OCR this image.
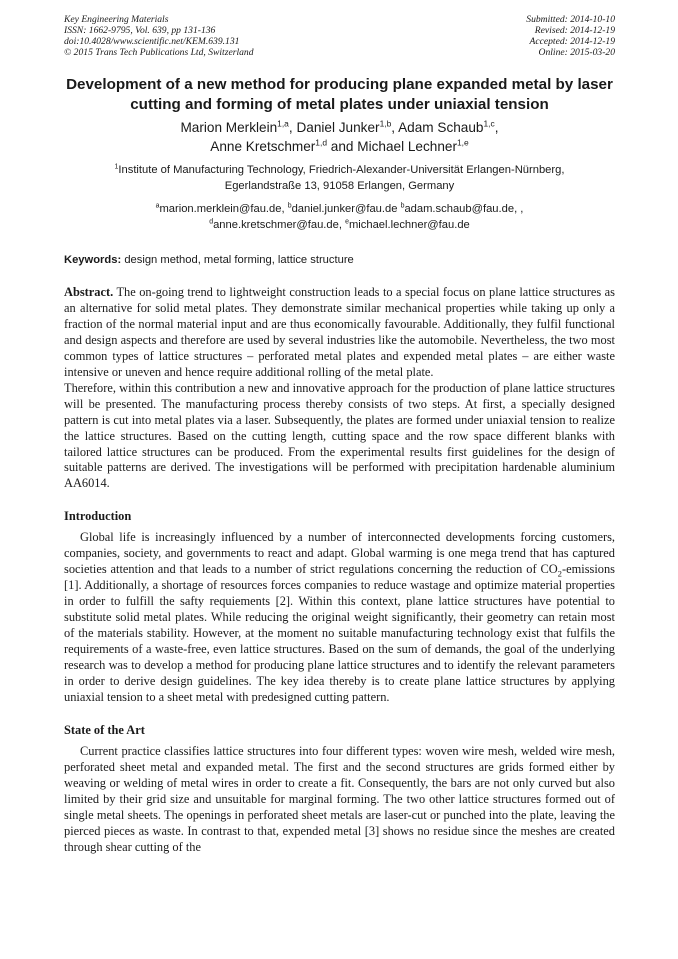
Key Engineering Materials
ISSN: 1662-9795, Vol. 639, pp 131-136
doi:10.4028/www.scientific.net/KEM.639.131
© 2015 Trans Tech Publications Ltd, Switzerland
Submitted: 2014-10-10
Revised: 2014-12-19
Accepted: 2014-12-19
Online: 2015-03-20
Development of a new method for producing plane expanded metal by laser cutting and forming of metal plates under uniaxial tension
Marion Merklein$^{1,a}$, Daniel Junker$^{1,b}$, Adam Schaub$^{1,c}$,
Anne Kretschmer$^{1,d}$ and Michael Lechner$^{1,e}$
$^1$Institute of Manufacturing Technology, Friedrich-Alexander-Universität Erlangen-Nürnberg,
Egerlandstraße 13, 91058 Erlangen, Germany
$^a$marion.merklein@fau.de, $^b$daniel.junker@fau.de $^b$adam.schaub@fau.de, ,
$^d$anne.kretschmer@fau.de, $^e$michael.lechner@fau.de
Keywords: design method, metal forming, lattice structure

Abstract. The on-going trend to lightweight construction leads to a special focus on plane lattice structures as an alternative for solid metal plates. They demonstrate similar mechanical properties while taking up only a fraction of the normal material input and are thus economically favourable. Additionally, they fulfil functional and design aspects and therefore are used by several industries like the automobile. Nevertheless, the two most common types of lattice structures – perforated metal plates and expended metal plates – are either waste intensive or uneven and hence require additional rolling of the metal plate.

Therefore, within this contribution a new and innovative approach for the production of plane lattice structures will be presented. The manufacturing process thereby consists of two steps. At first, a specially designed pattern is cut into metal plates via a laser. Subsequently, the plates are formed under uniaxial tension to realize the lattice structures. Based on the cutting length, cutting space and the row space different blanks with tailored lattice structures can be produced. From the experimental results first guidelines for the design of suitable patterns are derived. The investigations will be performed with precipitation hardenable aluminium AA6014.

Introduction

Global life is increasingly influenced by a number of interconnected developments forcing customers, companies, society, and governments to react and adapt. Global warming is one mega trend that has captured societies attention and that leads to a number of strict regulations concerning the reduction of $CO_2$-emissions [1]. Additionally, a shortage of resources forces companies to reduce wastage and optimize material properties in order to fulfill the safty requiements [2]. Within this context, plane lattice structures have potential to substitute solid metal plates. While reducing the original weight significantly, their geometry can retain most of the materials stability. However, at the moment no suitable manufacturing technology exist that fulfils the requirements of a waste-free, even lattice structures. Based on the sum of demands, the goal of the underlying research was to develop a method for producing plane lattice structures and to identify the relevant parameters in order to derive design guidelines. The key idea thereby is to create plane lattice structures by applying uniaxial tension to a sheet metal with predesigned cutting pattern.

State of the Art

Current practice classifies lattice structures into four different types: woven wire mesh, welded wire mesh, perforated sheet metal and expanded metal. The first and the second structures are grids formed either by weaving or welding of metal wires in order to create a fit. Consequently, the bars are not only curved but also limited by their grid size and unsuitable for marginal forming. The two other lattice structures formed out of single metal sheets. The openings in perforated sheet metals are laser-cut or punched into the plate, leaving the pierced pieces as waste. In contrast to that, expended metal [3] shows no residue since the meshes are created through shear cutting of the
